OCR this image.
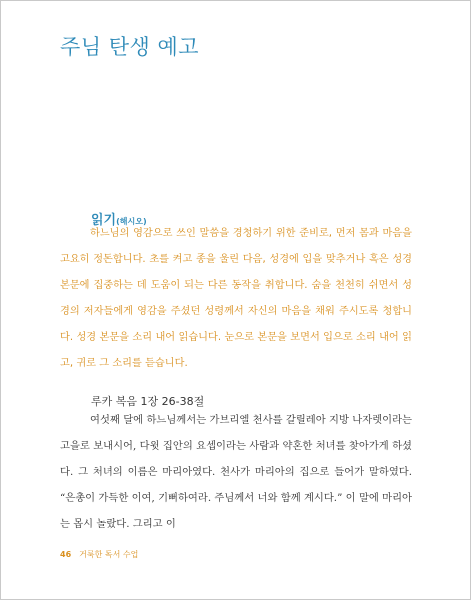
주님 탄생 예고
읽기(해시오)

하느님의 영감으로 쓰인 말씀을 경청하기 위한 준비로, 먼저 몸과 마음을 고요히 정돈합니다. 초를 켜고 종을 울린 다음, 성경에 입을 맞추거나 혹은 성경 본문에 집중하는 데 도움이 되는 다른 동작을 취합니다. 숨을 천천히 쉬면서 성경의 저자들에게 영감을 주셨던 성령께서 자신의 마음을 채워 주시도록 청합니다. 성경 본문을 소리 내어 읽습니다. 눈으로 본문을 보면서 입으로 소리 내어 읽고, 귀로 그 소리를 듣습니다.

루카 복음 1장 26-38절

여섯째 달에 하느님께서는 가브리엘 천사를 갈릴레아 지방 나자렛이라는 고을로 보내시어, 다윗 집안의 요셉이라는 사람과 약혼한 처녀를 찾아가게 하셨다. 그 처녀의 이름은 마리아였다. 천사가 마리아의 집으로 들어가 말하였다. “은총이 가득한 이여, 기뻐하여라. 주님께서 너와 함께 계시다.” 이 말에 마리아는 몹시 놀랐다. 그리고 이

46 거룩한 독서 수업
